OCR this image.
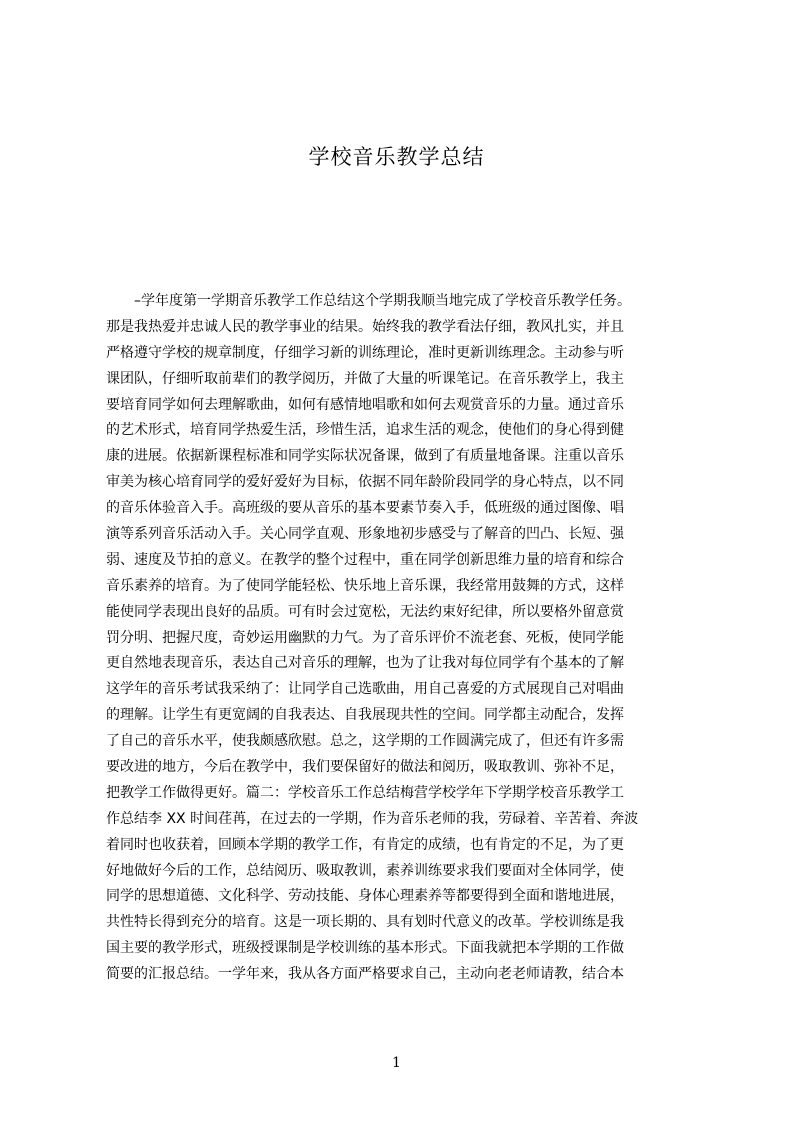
学校音乐教学总结
　　–学年度第一学期音乐教学工作总结这个学期我顺当地完成了学校音乐教学任务。
那是我热爱并忠诚人民的教学事业的结果。始终我的教学看法仔细，教风扎实，并且
严格遵守学校的规章制度，仔细学习新的训练理论，准时更新训练理念。主动参与听
课团队，仔细听取前辈们的教学阅历，并做了大量的听课笔记。在音乐教学上，我主
要培育同学如何去理解歌曲，如何有感情地唱歌和如何去观赏音乐的力量。通过音乐
的艺术形式，培育同学热爱生活，珍惜生活，追求生活的观念，使他们的身心得到健
康的进展。依据新课程标准和同学实际状况备课，做到了有质量地备课。注重以音乐
审美为核心培育同学的爱好爱好为目标，依据不同年龄阶段同学的身心特点，以不同
的音乐体验音入手。高班级的要从音乐的基本要素节奏入手，低班级的通过图像、唱
演等系列音乐活动入手。关心同学直观、形象地初步感受与了解音的凹凸、长短、强
弱、速度及节拍的意义。在教学的整个过程中，重在同学创新思维力量的培育和综合
音乐素养的培育。为了使同学能轻松、快乐地上音乐课，我经常用鼓舞的方式，这样
能使同学表现出良好的品质。可有时会过宽松，无法约束好纪律，所以要格外留意赏
罚分明、把握尺度，奇妙运用幽默的力气。为了音乐评价不流老套、死板，使同学能
更自然地表现音乐，表达自己对音乐的理解，也为了让我对每位同学有个基本的了解
这学年的音乐考试我采纳了：让同学自己选歌曲，用自己喜爱的方式展现自己对唱曲
的理解。让学生有更宽阔的自我表达、自我展现共性的空间。同学都主动配合，发挥
了自己的音乐水平，使我颇感欣慰。总之，这学期的工作圆满完成了，但还有许多需
要改进的地方，今后在教学中，我们要保留好的做法和阅历，吸取教训、弥补不足，
把教学工作做得更好。篇二：学校音乐工作总结梅营学校学年下学期学校音乐教学工
作总结李 XX 时间荏苒，在过去的一学期，作为音乐老师的我，劳碌着、辛苦着、奔波
着同时也收获着，回顾本学期的教学工作，有肯定的成绩，也有肯定的不足，为了更
好地做好今后的工作，总结阅历、吸取教训，素养训练要求我们要面对全体同学，使
同学的思想道德、文化科学、劳动技能、身体心理素养等都要得到全面和谐地进展，
共性特长得到充分的培育。这是一项长期的、具有划时代意义的改革。学校训练是我
国主要的教学形式，班级授课制是学校训练的基本形式。下面我就把本学期的工作做
简要的汇报总结。一学年来，我从各方面严格要求自己，主动向老老师请教，结合本
1
